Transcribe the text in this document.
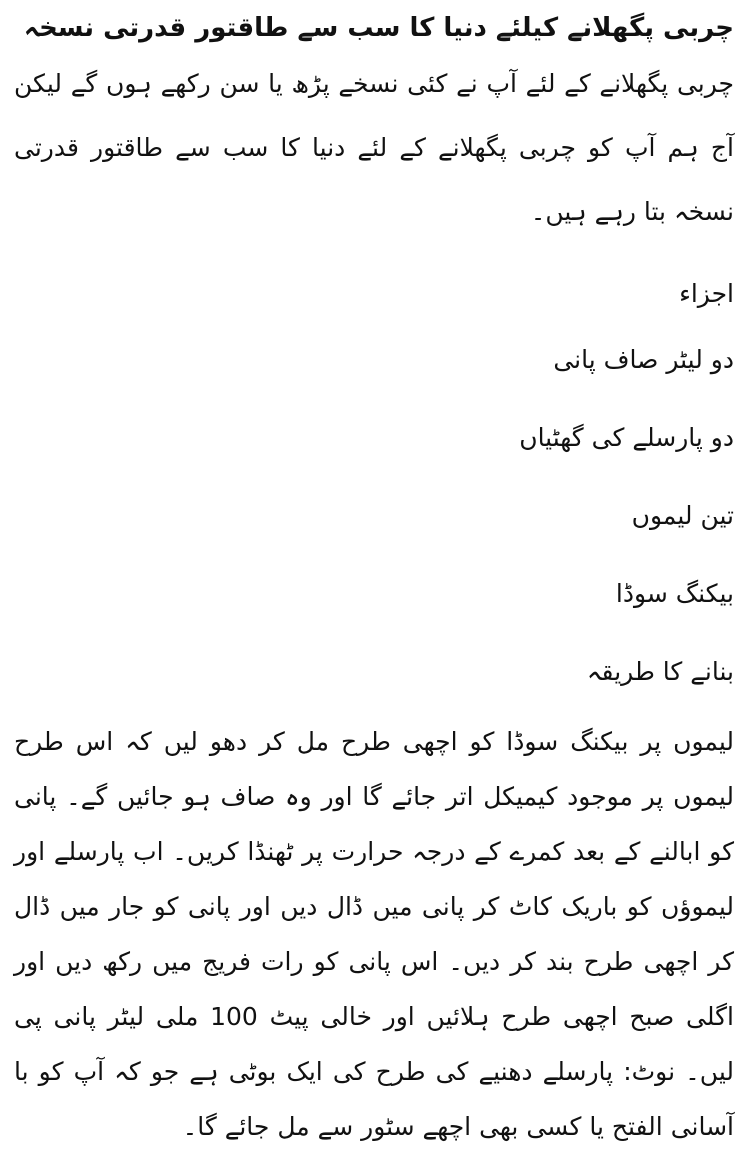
چربی پگھلانے کیلئے دنیا کا سب سے طاقتور قدرتی نسخہ

چربی پگھلانے کے لئے آپ نے کئی نسخے پڑھ یا سن رکھے ہوں گے لیکن آج ہم آپ کو چربی پگھلانے کے لئے دنیا کا سب سے طاقتور قدرتی نسخہ بتا رہے ہیں۔

اجزاء

دو لیٹر صاف پانی

دو پارسلے کی گھٹیاں

تین لیموں

بیکنگ سوڈا

بنانے کا طریقہ

لیموں پر بیکنگ سوڈا کو اچھی طرح مل کر دھو لیں کہ اس طرح لیموں پر موجود کیمیکل اتر جائے گا اور وہ صاف ہو جائیں گے۔ پانی کو ابالنے کے بعد کمرے کے درجہ حرارت پر ٹھنڈا کریں۔ اب پارسلے اور لیموؤں کو باریک کاٹ کر پانی میں ڈال دیں اور پانی کو جار میں ڈال کر اچھی طرح بند کر دیں۔ اس پانی کو رات فریج میں رکھ دیں اور اگلی صبح اچھی طرح ہلائیں اور خالی پیٹ 100 ملی لیٹر پانی پی لیں۔ نوٹ: پارسلے دھنیے کی طرح کی ایک بوٹی ہے جو کہ آپ کو با آسانی الفتح یا کسی بھی اچھے سٹور سے مل جائے گا۔
